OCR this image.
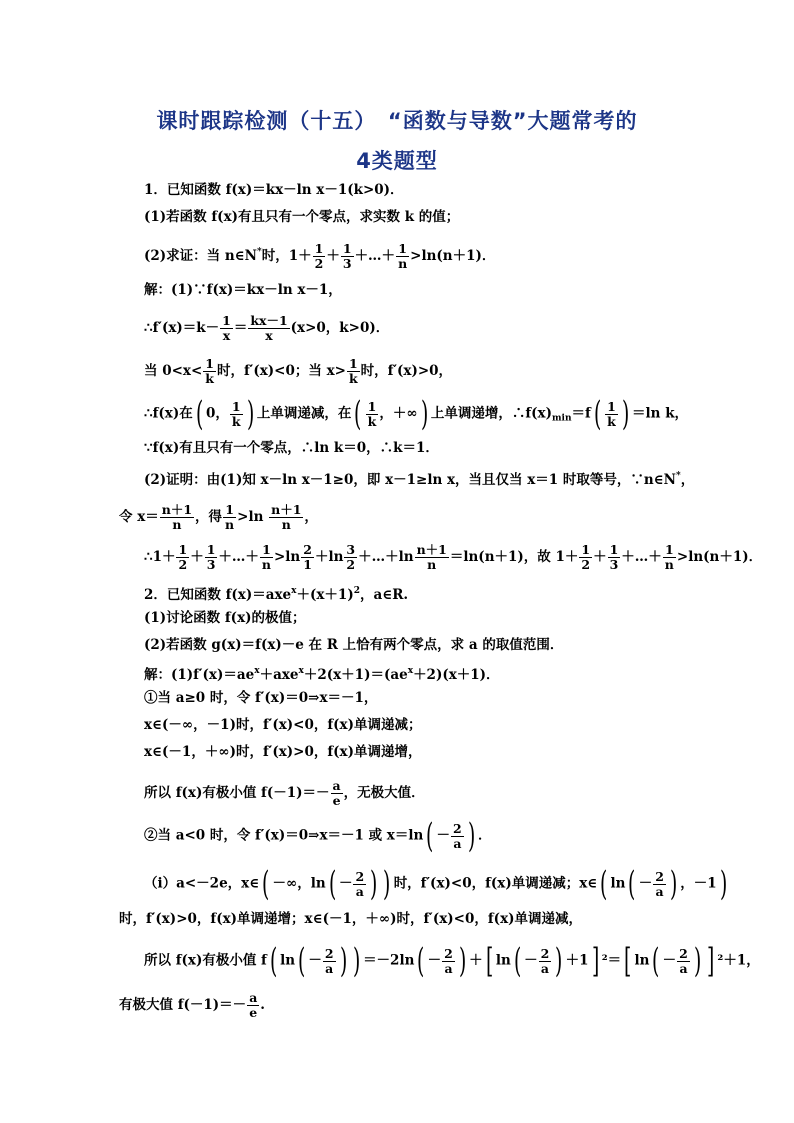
课时跟踪检测（十五）　“函数与导数”大题常考的
4类题型
1．已知函数 f(x)＝kx－ln x－1(k>0)．
(1)若函数 f(x)有且只有一个零点，求实数 k 的值；
(2)求证：当 n∈N*时，$1+ \frac{1}{2} + \frac{1}{3}$ ＋…＋ $\frac{1}{n} >\ln(n+1)$．
解：(1)∵f(x)＝kx－ln x－1，
∴f′(x)＝k－ $\frac{1}{x} = \frac{kx-1}{x} (x>0$，k>0)．
当 $0<x< \frac{1}{k}$ 时，f′(x)<0；当 $x> \frac{1}{k}$ 时，f′(x)>0，
∴f(x)在( 0， $\frac{1}{k}$ ) 上单调递减，在( $\frac{1}{k}$ ，＋∞) 上单调递增，$\therefore f(x)_{min}=f( \frac{1}{k}$ ) ＝ln k，
∵f(x)有且只有一个零点，∴ln k＝0，∴k＝1．
(2)证明：由(1)知 x－ln x－1≥0，即 x－1≥ln x，当且仅当 x＝1 时取等号，∵n∈N*，
令 $x= \frac{n+1}{n}$ ，得 $\frac{1}{n} >\ln \frac{n+1}{n}$ ，
∴1＋ $\frac{1}{2} + \frac{1}{3}$ ＋…＋ $\frac{1}{n} >\ln \frac{2}{1} +\ln \frac{3}{2}$ ＋…＋ln $\frac{n+1}{n} =\ln(n+1)$，故 $1+ \frac{1}{2} + \frac{1}{3}$ ＋…＋ $\frac{1}{n} >\ln(n+1)$．
2．已知函数 $f(x)=axe^x+(x+1)^2$，a∈R.
(1)讨论函数 f(x)的极值；
(2)若函数 g(x)＝f(x)－e 在 R 上恰有两个零点，求 a 的取值范围．
解：$(1)f'(x)=ae^x+axe^x+2(x+1)=(ae^x+2)(x+1)$．
①当 a≥0 时，令 f′(x)＝0⇒x＝－1，
x∈(－∞，－1)时，f′(x)<0，f(x)单调递减；
x∈(－1，＋∞)时，f′(x)>0，f(x)单调递增，
所以 f(x)有极小值 $f(-1)=- \frac{a}{e}$ ，无极大值．
②当 a<0 时，令 f′(x)＝0⇒x＝－1 或 $x=\ln( - \frac{2}{a}$ ) ．
（ⅰ）a<－2e，x∈( －∞，$\ln( - \frac{2}{a}$ ) ) 时，f′(x)<0，f(x)单调递减；x∈( $\ln( - \frac{2}{a}$ ) ，－1)
时，f′(x)>0，f(x)单调递增；x∈(－1，＋∞)时，f′(x)<0，f(x)单调递减，
所以 f(x)有极小值 f( $\ln( - \frac{2}{a}$ ) ) $=-2\ln( - \frac{2}{a}$ ) ＋[ $\ln( - \frac{2}{a}$ ) ＋1] ²＝[ $\ln( - \frac{2}{a}$ ) ] ²＋1，
有极大值 $f(-1)=- \frac{a}{e}$ .
